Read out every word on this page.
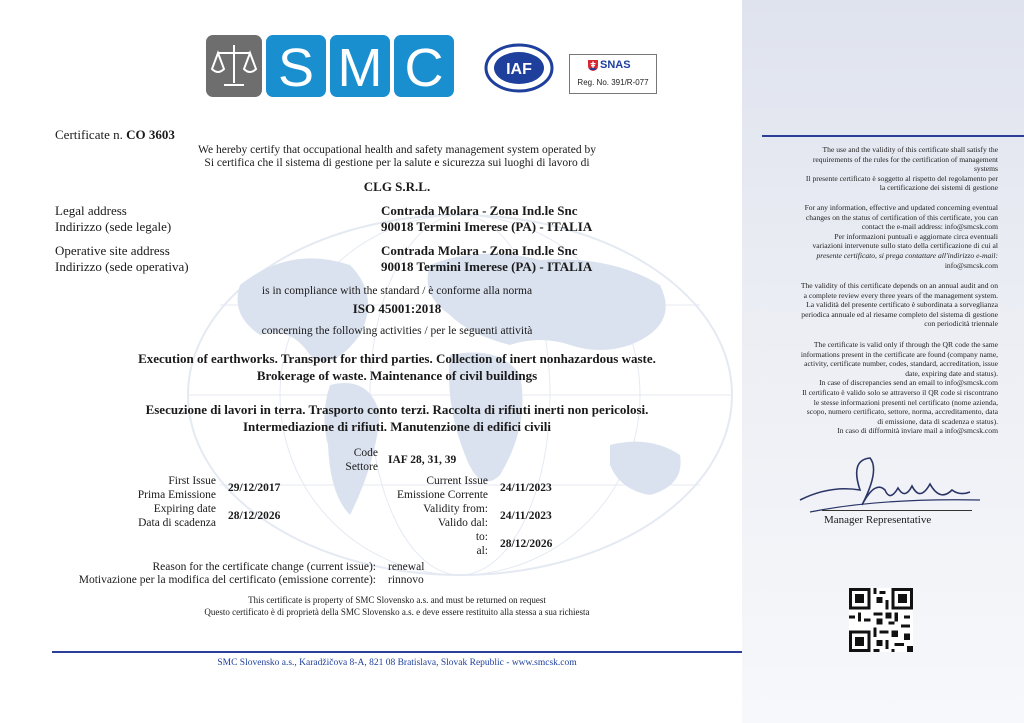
The use and the validity of this certificate shall satisfy the
requirements of the rules for the certification of management
systems
Il presente certificato è soggetto al rispetto del regolamento per
la certificazione dei sistemi di gestione
For any information, effective and updated concerning eventual
changes on the status of certification of this certificate, you can
contact the e-mail address: info@smcsk.com
Per informazioni puntuali e aggiornate circa eventuali
variazioni intervenute sullo stato della certificazione di cui al
presente certificato, si prega contattare all'indirizzo e-mail:
info@smcsk.com
The validity of this certificate depends on an annual audit and on
a complete review every three years of the management system.
La validità del presente certificato è subordinata a sorveglianza
periodica annuale ed al riesame completo del sistema di gestione
con periodicità triennale
The certificate is valid only if through the QR code the same
informations present in the certificate are found (company name,
activity, certificate number, codes, standard, accreditation, issue
date, expiring date and status).
In case of discrepancies send an email to info@smcsk.com
Il certificato è valido solo se attraverso il QR code si riscontrano
le stesse informazioni presenti nel certificato (nome azienda,
scopo, numero certificato, settore, norma, accreditamento, data
di emissione, data di scadenza e status).
In caso di difformità inviare mail a info@smcsk.com
Manager Representative
S M C	IAF	SNAS
Reg. No. 391/R-077
Certificate n. CO 3603
We hereby certify that occupational health and safety management system operated by
Si certifica che il sistema di gestione per la salute e sicurezza sui luoghi di lavoro di
CLG S.R.L.
Legal address
Indirizzo (sede legale)
Contrada Molara - Zona Ind.le Snc
90018 Termini Imerese (PA) - ITALIA
Operative site address
Indirizzo (sede operativa)
Contrada Molara - Zona Ind.le Snc
90018 Termini Imerese (PA) - ITALIA
is in compliance with the standard / è conforme alla norma
ISO 45001:2018
concerning the following activities / per le seguenti attività
Execution of earthworks. Transport for third parties. Collection of inert nonhazardous waste.
Brokerage of waste. Maintenance of civil buildings
Esecuzione di lavori in terra. Trasporto conto terzi. Raccolta di rifiuti inerti non pericolosi.
Intermediazione di rifiuti. Manutenzione di edifici civili
Code
Settore
IAF 28, 31, 39
First Issue
Prima Emissione
29/12/2017
Expiring date
Data di scadenza
28/12/2026
Current Issue
Emissione Corrente
24/11/2023
Validity from:
Valido dal:
24/11/2023
to:
al:
28/12/2026
Reason for the certificate change (current issue):
Motivazione per la modifica del certificato (emissione corrente):
renewal
rinnovo
This certificate is property of SMC Slovensko a.s. and must be returned on request
Questo certificato è di proprietà della SMC Slovensko a.s. e deve essere restituito alla stessa a sua richiesta
SMC Slovensko a.s., Karadžičova 8-A, 821 08 Bratislava, Slovak Republic - www.smcsk.com
